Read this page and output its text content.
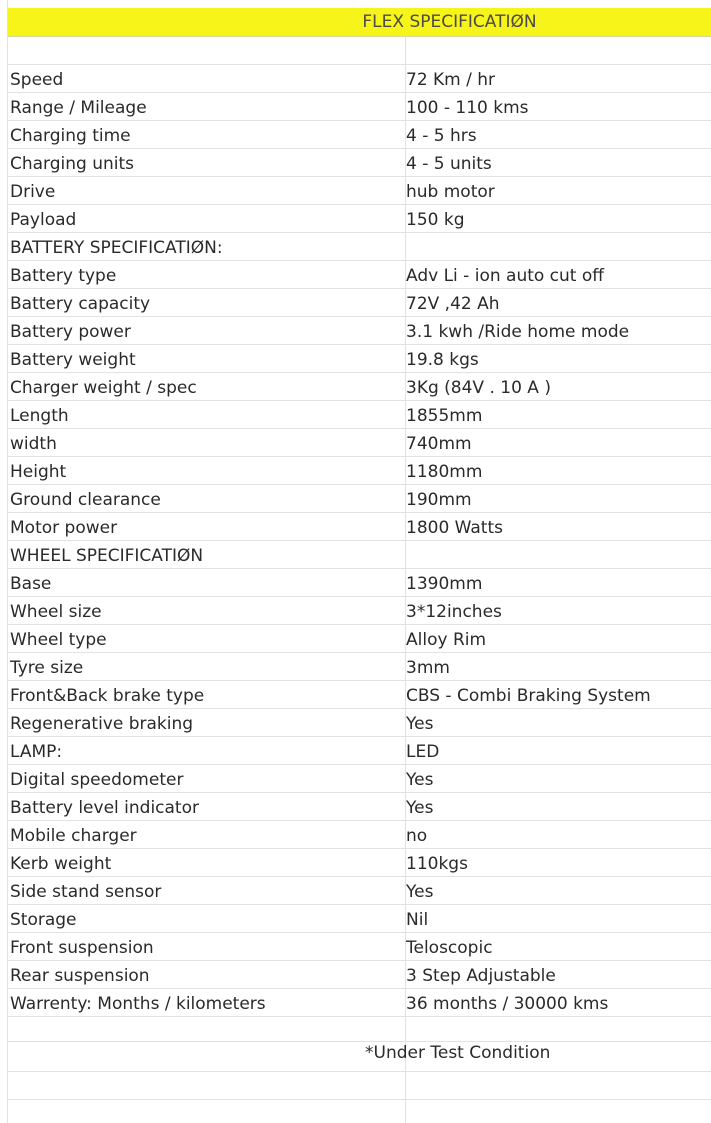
FLEX SPECIFICATIØN
Speed	72 Km / hr
Range / Mileage	100 - 110 kms
Charging time	4 - 5 hrs
Charging units	4 - 5 units
Drive	hub motor
Payload	150 kg
BATTERY SPECIFICATIØN:
Battery type	Adv Li - ion auto cut off
Battery capacity	72V ,42 Ah
Battery power	3.1 kwh /Ride home mode
Battery weight	19.8 kgs
Charger weight / spec	3Kg (84V . 10 A )
Length	1855mm
width	740mm
Height	1180mm
Ground clearance	190mm
Motor power	1800 Watts
WHEEL SPECIFICATIØN
Base	1390mm
Wheel size	3*12inches
Wheel type	Alloy Rim
Tyre size	3mm
Front&Back brake type	CBS - Combi Braking System
Regenerative braking	Yes
LAMP:	LED
Digital speedometer	Yes
Battery level indicator	Yes
Mobile charger	no
Kerb weight	110kgs
Side stand sensor	Yes
Storage	Nil
Front suspension	Teloscopic
Rear suspension	3 Step Adjustable
Warrenty: Months / kilometers	36 months / 30000 kms
*Under Test Condition
